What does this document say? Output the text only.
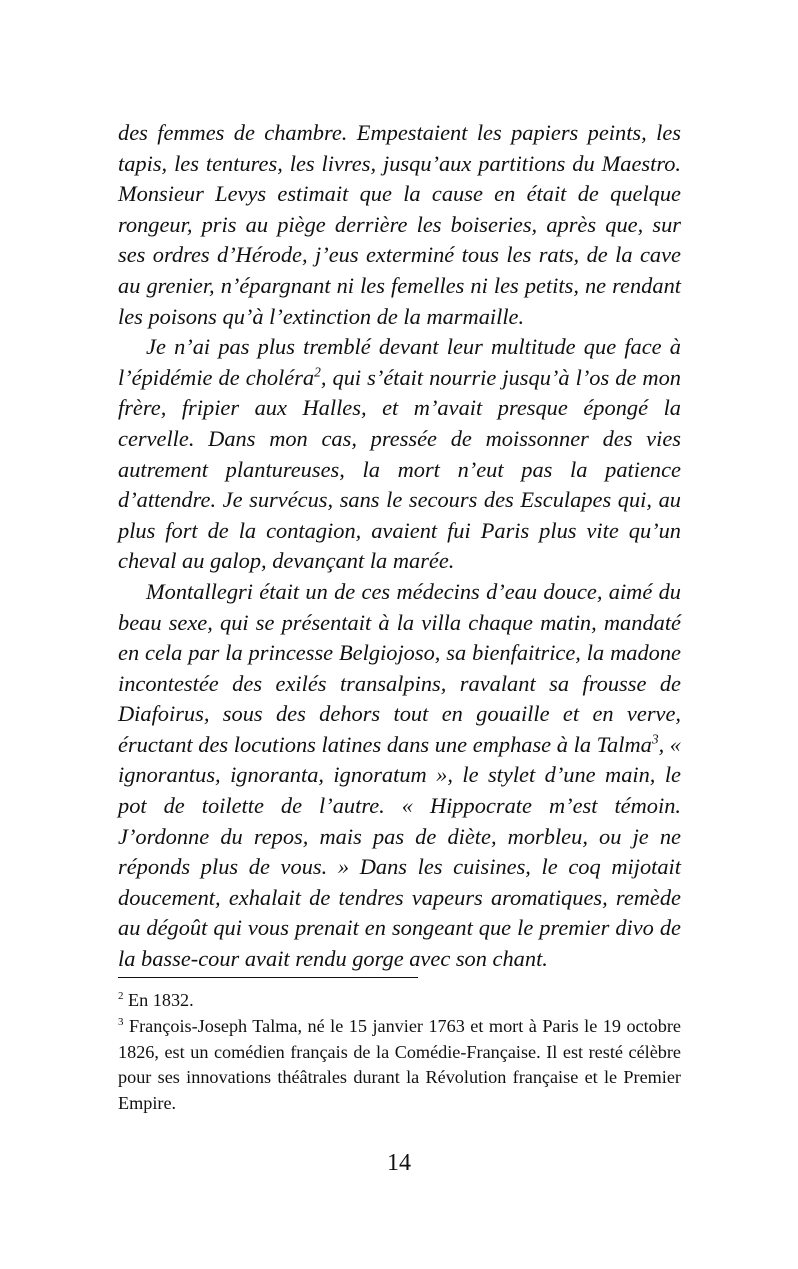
des femmes de chambre. Empestaient les papiers peints, les tapis, les tentures, les livres, jusqu’aux partitions du Maestro. Monsieur Levys estimait que la cause en était de quelque rongeur, pris au piège derrière les boiseries, après que, sur ses ordres d’Hérode, j’eus exterminé tous les rats, de la cave au grenier, n’épargnant ni les femelles ni les petits, ne rendant les poisons qu’à l’extinction de la marmaille.

Je n’ai pas plus tremblé devant leur multitude que face à l’épidémie de choléra$^2$, qui s’était nourrie jusqu’à l’os de mon frère, fripier aux Halles, et m’avait presque épongé la cervelle. Dans mon cas, pressée de moissonner des vies autrement plantureuses, la mort n’eut pas la patience d’attendre. Je survécus, sans le secours des Esculapes qui, au plus fort de la contagion, avaient fui Paris plus vite qu’un cheval au galop, devançant la marée.

Montallegri était un de ces médecins d’eau douce, aimé du beau sexe, qui se présentait à la villa chaque matin, mandaté en cela par la princesse Belgiojoso, sa bienfaitrice, la madone incontestée des exilés transalpins, ravalant sa frousse de Diafoirus, sous des dehors tout en gouaille et en verve, éructant des locutions latines dans une emphase à la Talma$^3$, « ignorantus, ignoranta, ignoratum », le stylet d’une main, le pot de toilette de l’autre. « Hippocrate m’est témoin. J’ordonne du repos, mais pas de diète, morbleu, ou je ne réponds plus de vous. » Dans les cuisines, le coq mijotait doucement, exhalait de tendres vapeurs aromatiques, remède au dégoût qui vous prenait en songeant que le premier divo de la basse-cour avait rendu gorge avec son chant.

$^2$ En 1832.

$^3$ François-Joseph Talma, né le 15 janvier 1763 et mort à Paris le 19 octobre 1826, est un comédien français de la Comédie-Française. Il est resté célèbre pour ses innovations théâtrales durant la Révolution française et le Premier Empire.

14
